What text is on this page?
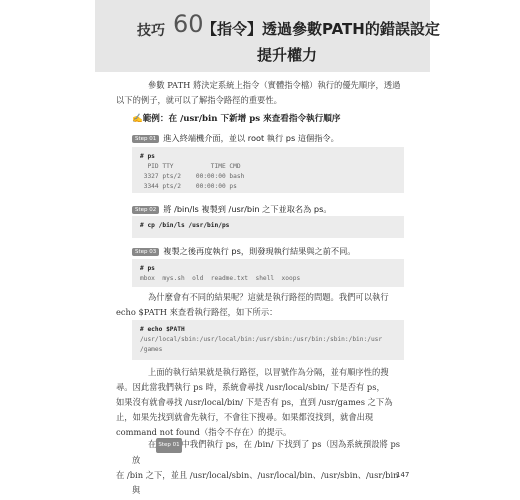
技巧 60
【指令】透過參數PATH的錯誤設定
提升權力

參數 PATH 將決定系統上指令（實體指令檔）執行的優先順序，透過
以下的例子，就可以了解指令路徑的重要性。

✍範例：在 /usr/bin 下新增 ps 來查看指令執行順序
Step 01 進入終端機介面，並以 root 執行 ps 這個指令。
# ps
PID TTY          TIME CMD
3327 pts/2    00:00:00 bash
3344 pts/2    00:00:00 ps
Step 02 將 /bin/ls 複製到 /usr/bin 之下並取名為 ps。
# cp /bin/ls /usr/bin/ps
Step 03 複製之後再度執行 ps，則發現執行結果與之前不同。
# ps
mbox  mys.sh  old  readme.txt  shell  xoops

為什麼會有不同的結果呢？這就是執行路徑的問題。我們可以執行
echo $PATH 來查看執行路徑，如下所示：

# echo $PATH
/usr/local/sbin:/usr/local/bin:/usr/sbin:/usr/bin:/sbin:/bin:/usr
/games

上面的執行結果就是執行路徑，以冒號作為分隔，並有順序性的搜
尋。因此當我們執行 ps 時，系統會尋找 /usr/local/sbin/ 下是否有 ps，
如果沒有就會尋找 /usr/local/bin/ 下是否有 ps，直到 /usr/games 之下為
止，如果先找到就會先執行，不會往下搜尋。如果都沒找到，就會出現
command not found（指令不存在）的提示。

在 Step 01 中我們執行 ps，在 /bin/ 下找到了 ps（因為系統預設將 ps 放
在 /bin 之下，並且 /usr/local/sbin、/usr/local/bin、/usr/sbin、/usr/bin 與

147
